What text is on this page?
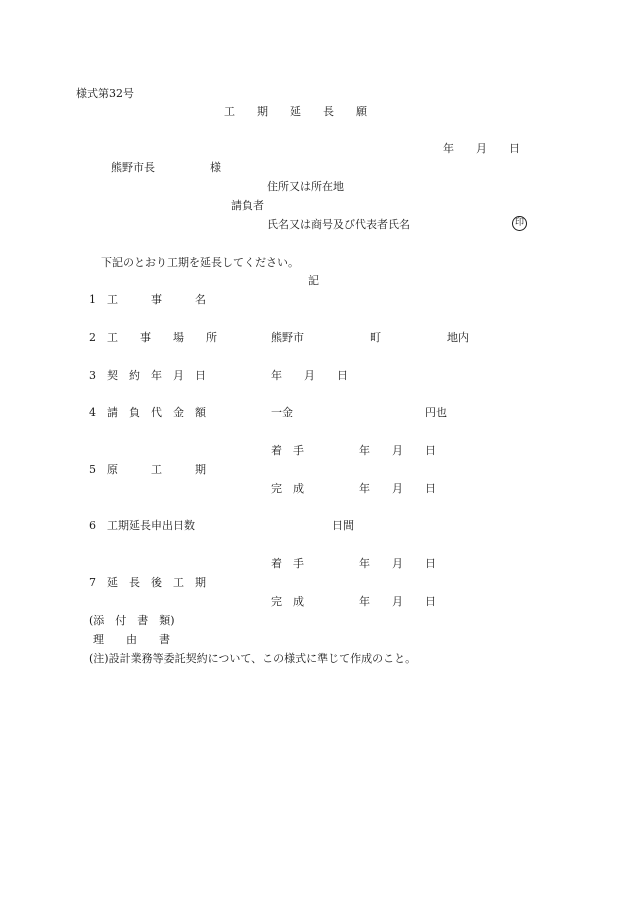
様式第32号
工　　期　　延　　長　　願
年　　月　　日
熊野市長　　　　　様
住所又は所在地
請負者
氏名又は商号及び代表者氏名	印
下記のとおり工期を延長してください。
記
1　工　　　事　　　名
2　工　　事　　場　　所	熊野市　　　　　　町　　　　　　地内
3　契　約　年　月　日	年　　月　　日
4　請　負　代　金　額	一金　　　　　　　　　　　　円也
着　手　　　　　年　　月　　日
5　原　　　工　　　期
完　成　　　　　年　　月　　日
6　工期延長申出日数	日間
着　手　　　　　年　　月　　日
7　延　長　後　工　期
完　成　　　　　年　　月　　日
(添　付　書　類)
理　　由　　書
(注)設計業務等委託契約について、この様式に準じて作成のこと。
